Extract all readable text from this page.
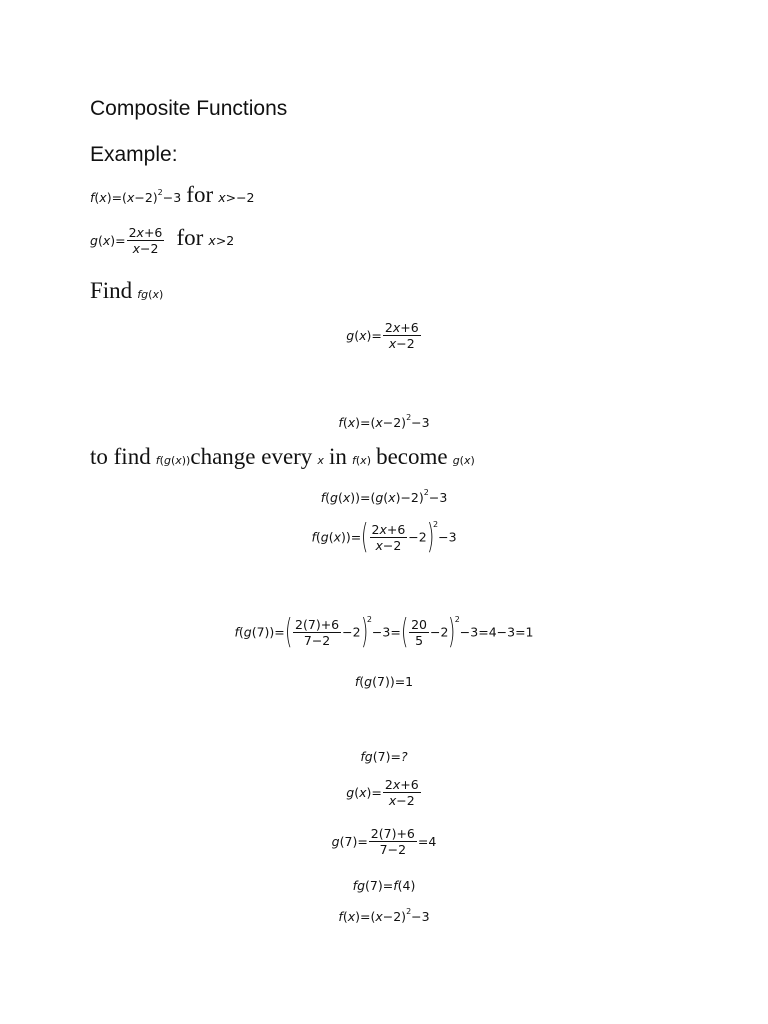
Composite Functions
Example:
$f(x)=(x-2)^2-3$ for x>−2
$g(x)= \frac{2x+6}{x-2}$ for x>2
Find fg(x)
$g(x)= \frac{2x+6}{x-2}$
$f(x)=(x-2)^2-3$
to find f(g(x))change every x in f(x) become g(x)
$f(g(x))=(g(x)-2)^2-3$
$f(g(x))=( \frac{2x+6}{x-2} -2)^2-3$
$f(g(7))=( \frac{2(7)+6}{7-2} -2)^2-3=( \frac{20}{5} -2)^2-3=4-3=1$
f(g(7))=1
fg(7)=?
$g(x)= \frac{2x+6}{x-2}$
$g(7)= \frac{2(7)+6}{7-2} =4$
fg(7)=f(4)
$f(x)=(x-2)^2-3$
